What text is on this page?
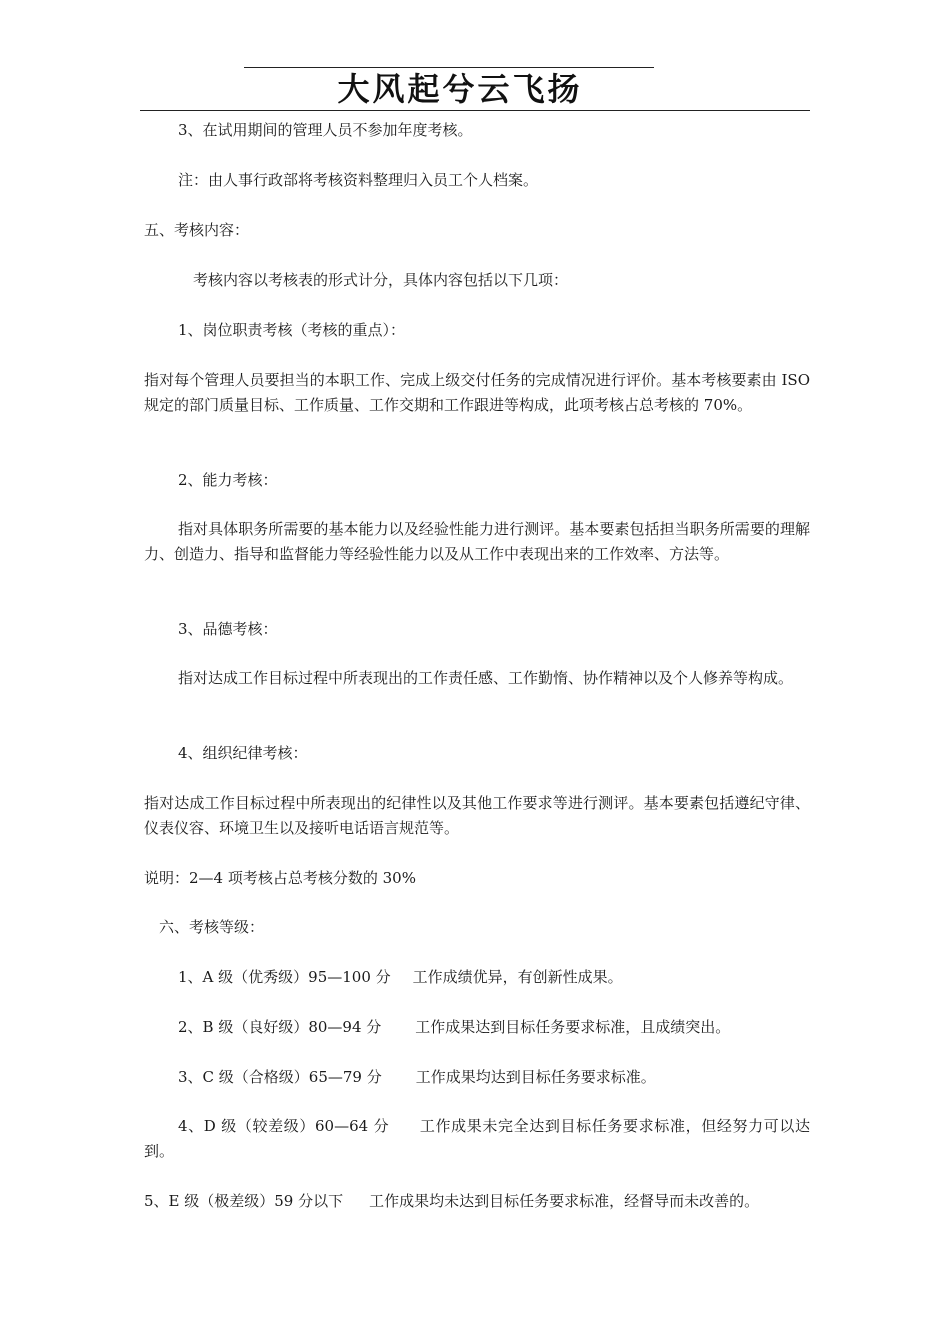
大风起兮云飞扬

3、在试用期间的管理人员不参加年度考核。

注：由人事行政部将考核资料整理归入员工个人档案。

五、考核内容：

考核内容以考核表的形式计分，具体内容包括以下几项：

1、岗位职责考核（考核的重点）：

指对每个管理人员要担当的本职工作、完成上级交付任务的完成情况进行评价。基本考核要素由 ISO 规定的部门质量目标、工作质量、工作交期和工作跟进等构成，此项考核占总考核的 70%。

2、能力考核：

指对具体职务所需要的基本能力以及经验性能力进行测评。基本要素包括担当职务所需要的理解力、创造力、指导和监督能力等经验性能力以及从工作中表现出来的工作效率、方法等。

3、品德考核：

指对达成工作目标过程中所表现出的工作责任感、工作勤惰、协作精神以及个人修养等构成。

4、组织纪律考核：

指对达成工作目标过程中所表现出的纪律性以及其他工作要求等进行测评。基本要素包括遵纪守律、仪表仪容、环境卫生以及接听电话语言规范等。

说明：2—4 项考核占总考核分数的 30%

六、考核等级：

1、A 级（优秀级）95—100 分 工作成绩优异，有创新性成果。

2、B 级（良好级）80—94 分 工作成果达到目标任务要求标准，且成绩突出。

3、C 级（合格级）65—79 分 工作成果均达到目标任务要求标准。

4、D 级（较差级）60—64 分 工作成果未完全达到目标任务要求标准，但经努力可以达到。

5、E 级（极差级）59 分以下 工作成果均未达到目标任务要求标准，经督导而未改善的。
